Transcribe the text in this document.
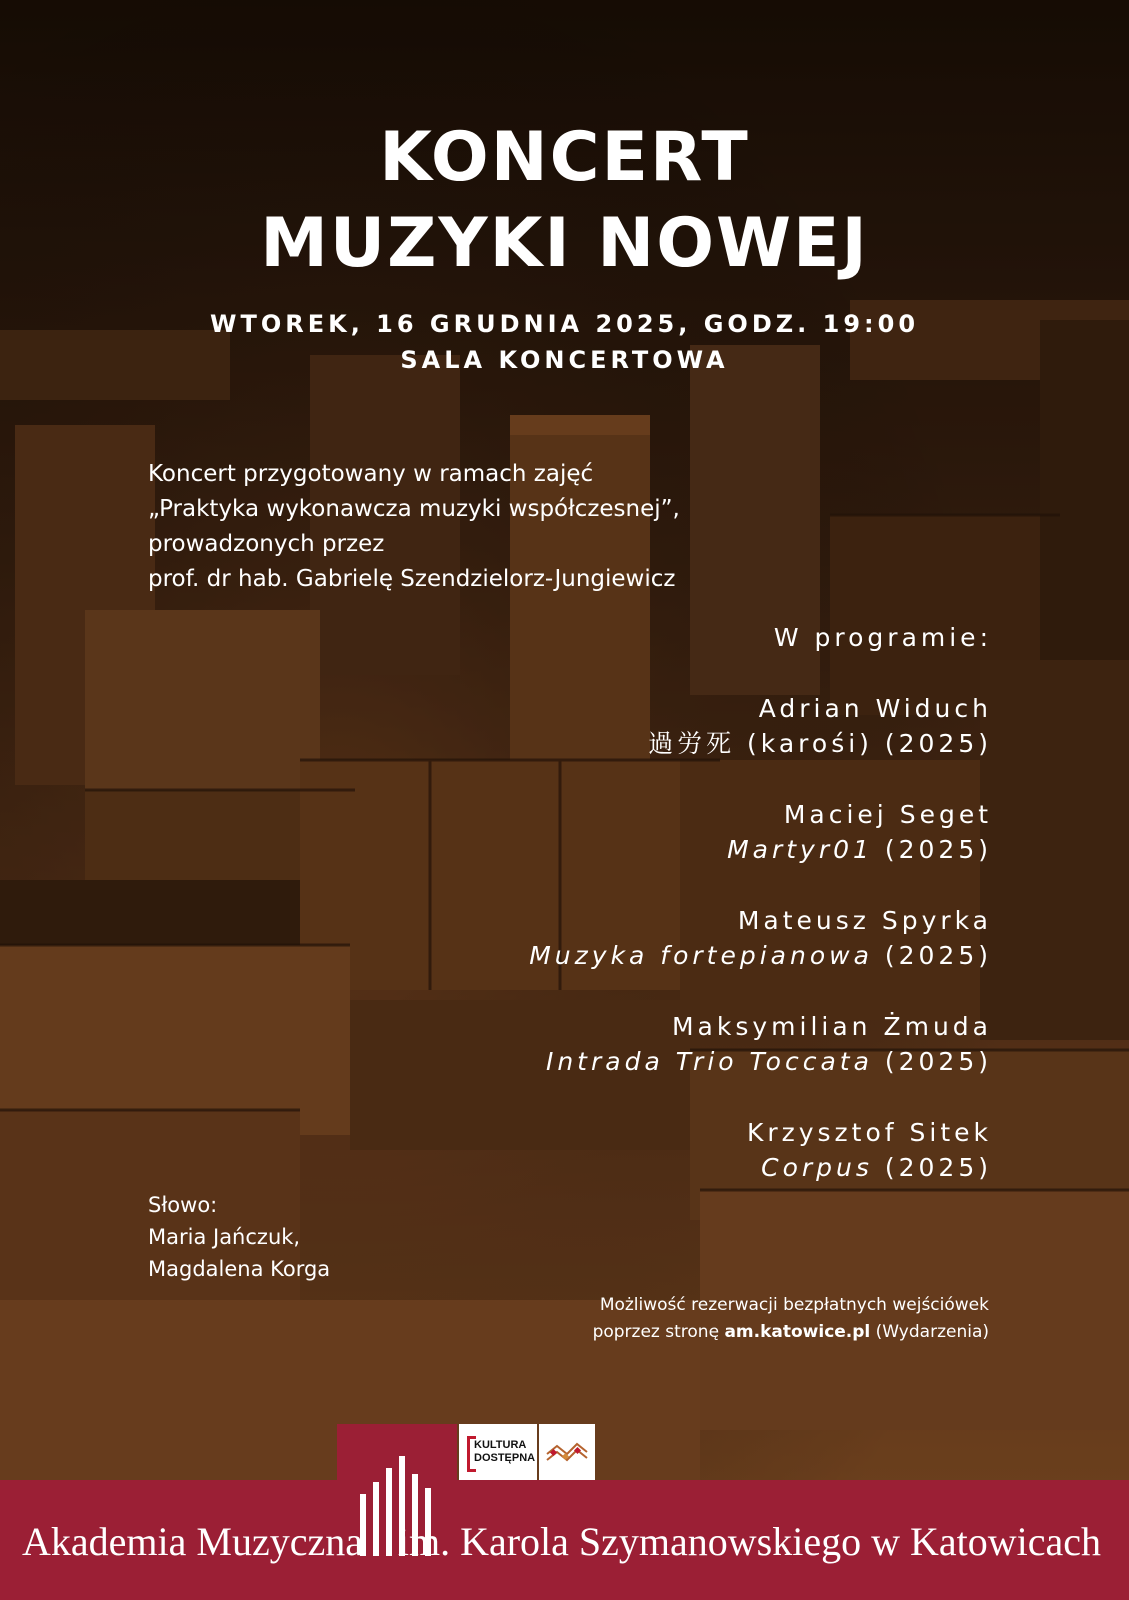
KONCERT
MUZYKI NOWEJ
WTOREK, 16 GRUDNIA 2025, GODZ. 19:00
SALA KONCERTOWA
Koncert przygotowany w ramach zajęć
„Praktyka wykonawcza muzyki współczesnej”,
prowadzonych przez
prof. dr hab. Gabrielę Szendzielorz-Jungiewicz
W programie:
Adrian Widuch
過労死 (karośi) (2025)
Maciej Seget
Martyr01 (2025)
Mateusz Spyrka
Muzyka fortepianowa (2025)
Maksymilian Żmuda
Intrada Trio Toccata (2025)
Krzysztof Sitek
Corpus (2025)
Słowo:
Maria Jańczuk,
Magdalena Korga
Możliwość rezerwacji bezpłatnych wejściówek
poprzez stronę am.katowice.pl (Wydarzenia)
KULTURA
DOSTĘPNA
Akademia Muzyczna im. Karola Szymanowskiego w Katowicach
